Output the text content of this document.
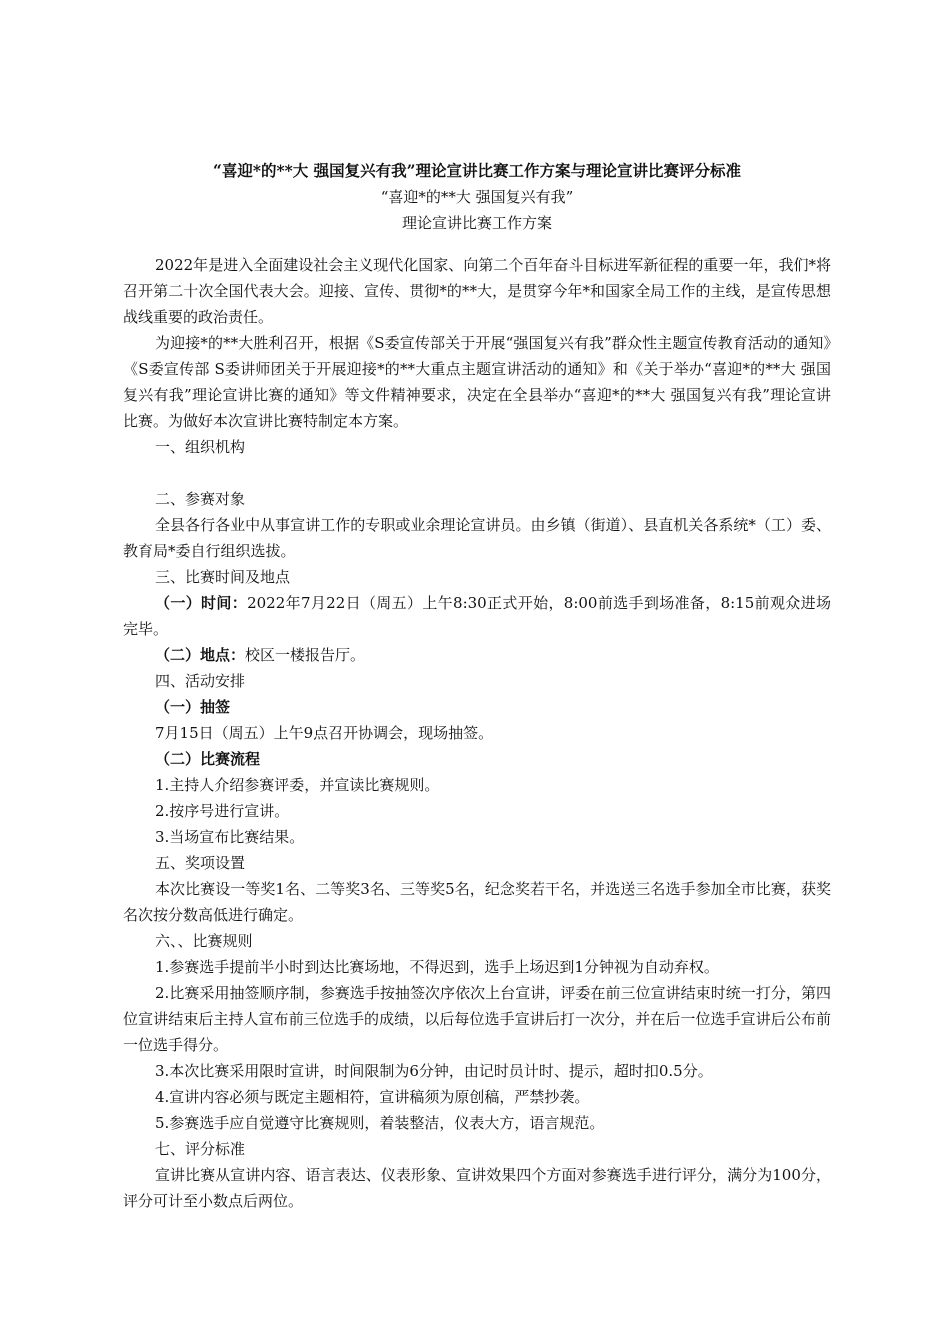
“喜迎*的**大 强国复兴有我”理论宣讲比赛工作方案与理论宣讲比赛评分标准
“喜迎*的**大 强国复兴有我”
理论宣讲比赛工作方案

2022年是进入全面建设社会主义现代化国家、向第二个百年奋斗目标进军新征程的重要一年，我们*将召开第二十次全国代表大会。迎接、宣传、贯彻*的**大，是贯穿今年*和国家全局工作的主线，是宣传思想战线重要的政治责任。

为迎接*的**大胜利召开，根据《S委宣传部关于开展“强国复兴有我”群众性主题宣传教育活动的通知》《S委宣传部 S委讲师团关于开展迎接*的**大重点主题宣讲活动的通知》和《关于举办“喜迎*的**大 强国复兴有我”理论宣讲比赛的通知》等文件精神要求，决定在全县举办“喜迎*的**大 强国复兴有我”理论宣讲比赛。为做好本次宣讲比赛特制定本方案。

一、组织机构

二、参赛对象

全县各行各业中从事宣讲工作的专职或业余理论宣讲员。由乡镇（街道）、县直机关各系统*（工）委、教育局*委自行组织选拔。

三、比赛时间及地点

（一）时间：2022年7月22日（周五）上午8:30正式开始，8:00前选手到场准备，8:15前观众进场完毕。

（二）地点：校区一楼报告厅。

四、活动安排

（一）抽签

7月15日（周五）上午9点召开协调会，现场抽签。

（二）比赛流程

1.主持人介绍参赛评委，并宣读比赛规则。

2.按序号进行宣讲。

3.当场宣布比赛结果。

五、奖项设置

本次比赛设一等奖1名、二等奖3名、三等奖5名，纪念奖若干名，并选送三名选手参加全市比赛，获奖名次按分数高低进行确定。

六、、比赛规则

1.参赛选手提前半小时到达比赛场地，不得迟到，选手上场迟到1分钟视为自动弃权。

2.比赛采用抽签顺序制，参赛选手按抽签次序依次上台宣讲，评委在前三位宣讲结束时统一打分，第四位宣讲结束后主持人宣布前三位选手的成绩，以后每位选手宣讲后打一次分，并在后一位选手宣讲后公布前一位选手得分。

3.本次比赛采用限时宣讲，时间限制为6分钟，由记时员计时、提示，超时扣0.5分。

4.宣讲内容必须与既定主题相符，宣讲稿须为原创稿，严禁抄袭。

5.参赛选手应自觉遵守比赛规则，着装整洁，仪表大方，语言规范。

七、评分标准

宣讲比赛从宣讲内容、语言表达、仪表形象、宣讲效果四个方面对参赛选手进行评分，满分为100分，评分可计至小数点后两位。
